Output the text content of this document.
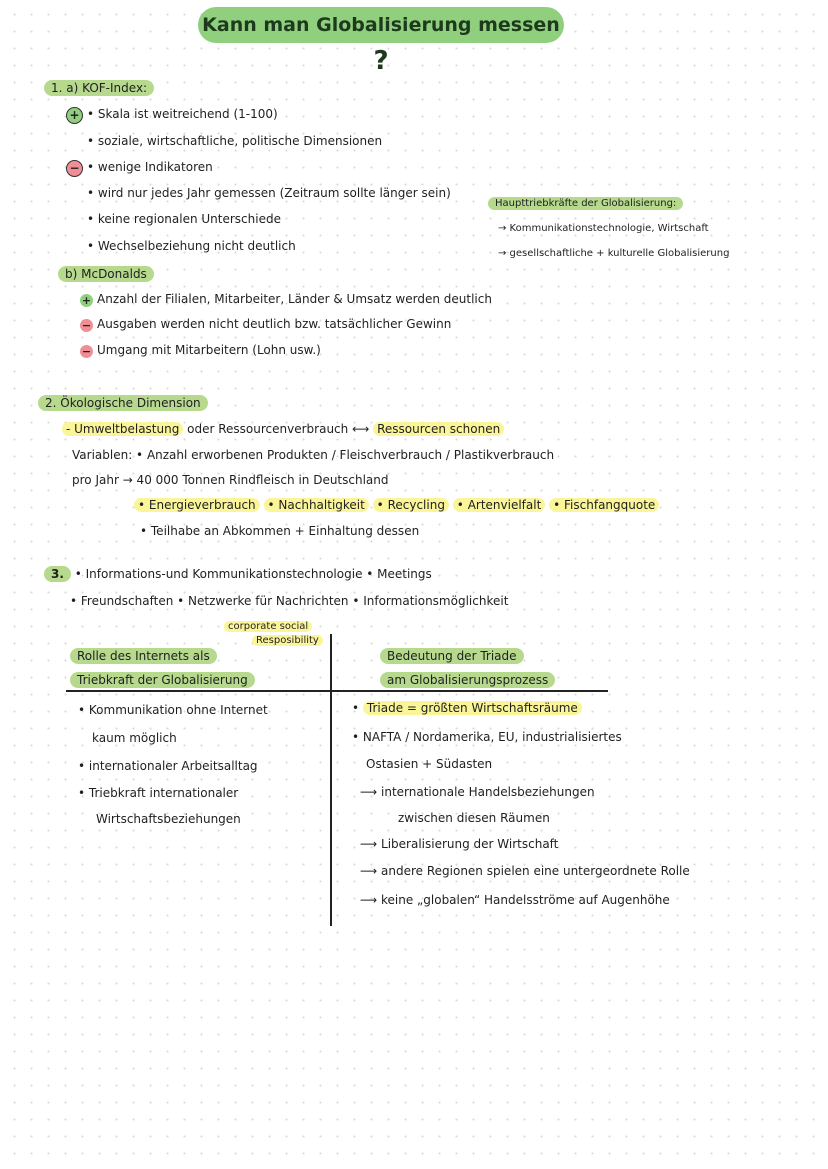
Kann man Globalisierung messen ?
1. a) KOF-Index:
+ • Skala ist weitreichend (1-100)
• soziale, wirtschaftliche, politische Dimensionen
− • wenige Indikatoren
• wird nur jedes Jahr gemessen (Zeitraum sollte länger sein)
• keine regionalen Unterschiede
• Wechselbeziehung nicht deutlich
b) McDonalds
+ Anzahl der Filialen, Mitarbeiter, Länder & Umsatz werden deutlich
− Ausgaben werden nicht deutlich bzw. tatsächlicher Gewinn
− Umgang mit Mitarbeitern (Lohn usw.)
Haupttriebkräfte der Globalisierung:
→ Kommunikationstechnologie, Wirtschaft
→ gesellschaftliche + kulturelle Globalisierung
2. Ökologische Dimension
- Umweltbelastung oder Ressourcenverbrauch ⟷ Ressourcen schonen
Variablen: • Anzahl erworbenen Produkten / Fleischverbrauch / Plastikverbrauch
pro Jahr → 40 000 Tonnen Rindfleisch in Deutschland
• Energieverbrauch • Nachhaltigkeit • Recycling • Artenvielfalt • Fischfangquote
• Teilhabe an Abkommen + Einhaltung dessen
3. • Informations-und Kommunikationstechnologie • Meetings
• Freundschaften • Netzwerke für Nachrichten • Informationsmöglichkeit
corporate social
Resposibility
Rolle des Internets als
Triebkraft der Globalisierung
Bedeutung der Triade
am Globalisierungsprozess
• Kommunikation ohne Internet
kaum möglich
• internationaler Arbeitsalltag
• Triebkraft internationaler
Wirtschaftsbeziehungen
• Triade = größten Wirtschaftsräume
• NAFTA / Nordamerika, EU, industrialisiertes
Ostasien + Südasten
⟶ internationale Handelsbeziehungen
zwischen diesen Räumen
⟶ Liberalisierung der Wirtschaft
⟶ andere Regionen spielen eine untergeordnete Rolle
⟶ keine „globalen“ Handelsströme auf Augenhöhe
